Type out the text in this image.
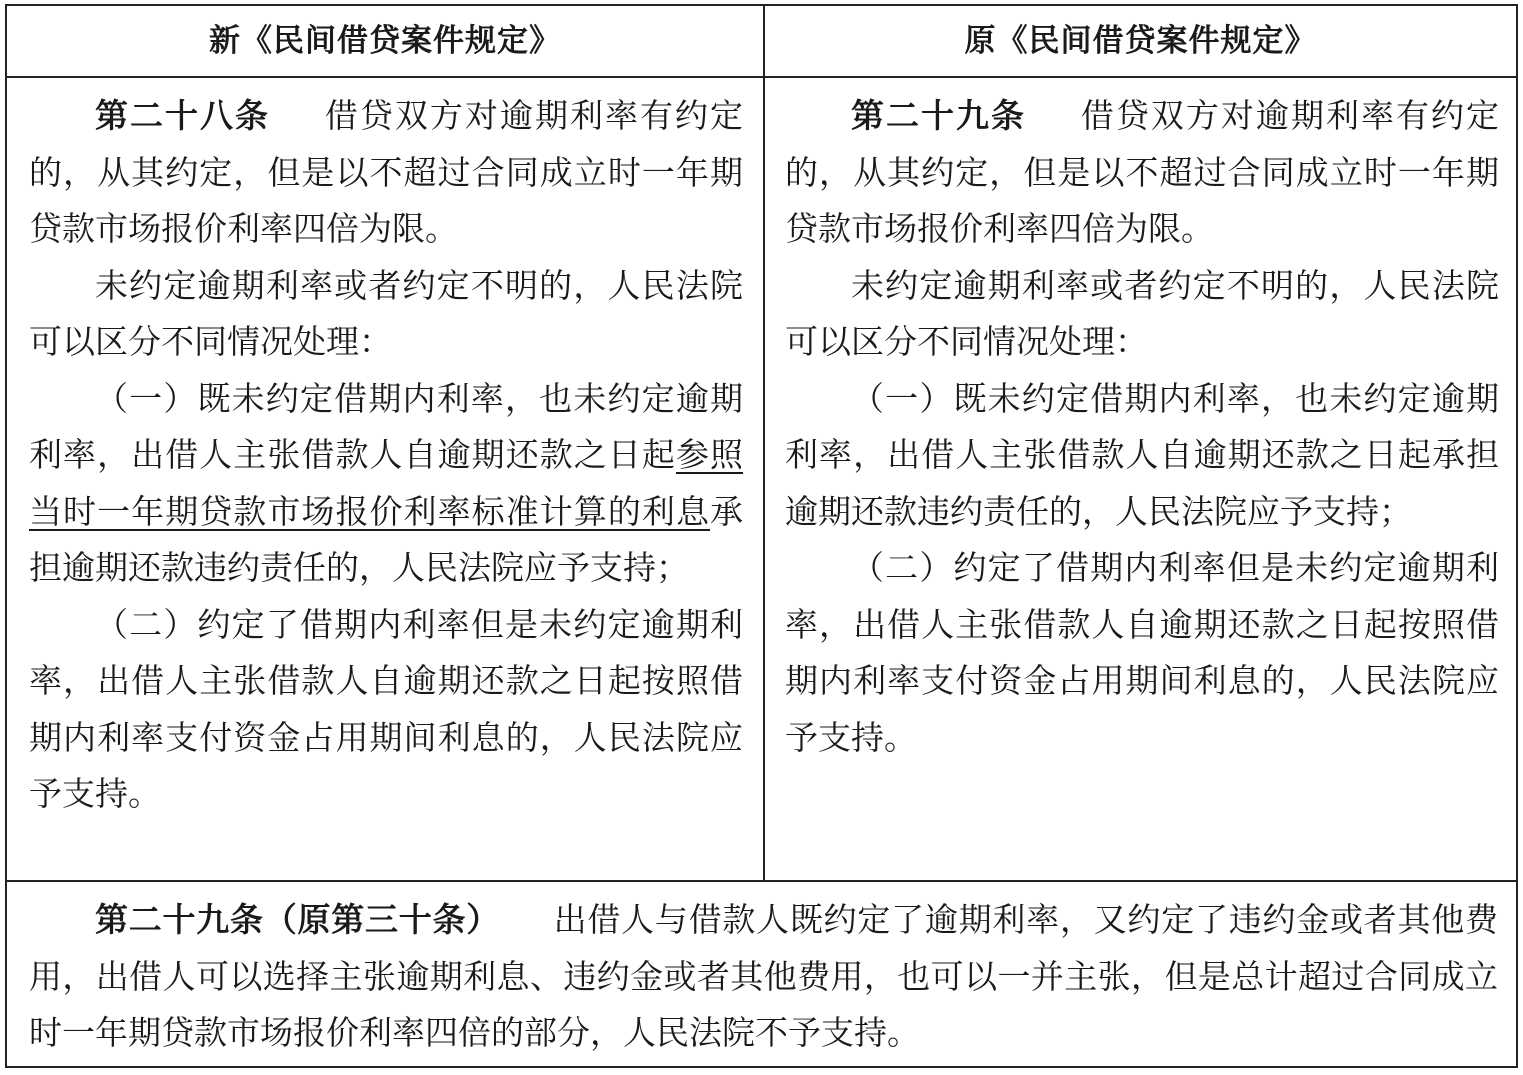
新《民间借贷案件规定》	原《民间借贷案件规定》

第二十八条 借贷双方对逾期利率有约定的，从其约定，但是以不超过合同成立时一年期贷款市场报价利率四倍为限。

未约定逾期利率或者约定不明的，人民法院可以区分不同情况处理：

（一）既未约定借期内利率，也未约定逾期利率，出借人主张借款人自逾期还款之日起参照当时一年期贷款市场报价利率标准计算的利息承担逾期还款违约责任的，人民法院应予支持；

（二）约定了借期内利率但是未约定逾期利率，出借人主张借款人自逾期还款之日起按照借期内利率支付资金占用期间利息的，人民法院应予支持。

第二十九条 借贷双方对逾期利率有约定的，从其约定，但是以不超过合同成立时一年期贷款市场报价利率四倍为限。

未约定逾期利率或者约定不明的，人民法院可以区分不同情况处理：

（一）既未约定借期内利率，也未约定逾期利率，出借人主张借款人自逾期还款之日起承担逾期还款违约责任的，人民法院应予支持；

（二）约定了借期内利率但是未约定逾期利率，出借人主张借款人自逾期还款之日起按照借期内利率支付资金占用期间利息的，人民法院应予支持。

第二十九条（原第三十条） 出借人与借款人既约定了逾期利率，又约定了违约金或者其他费用，出借人可以选择主张逾期利息、违约金或者其他费用，也可以一并主张，但是总计超过合同成立时一年期贷款市场报价利率四倍的部分，人民法院不予支持。
